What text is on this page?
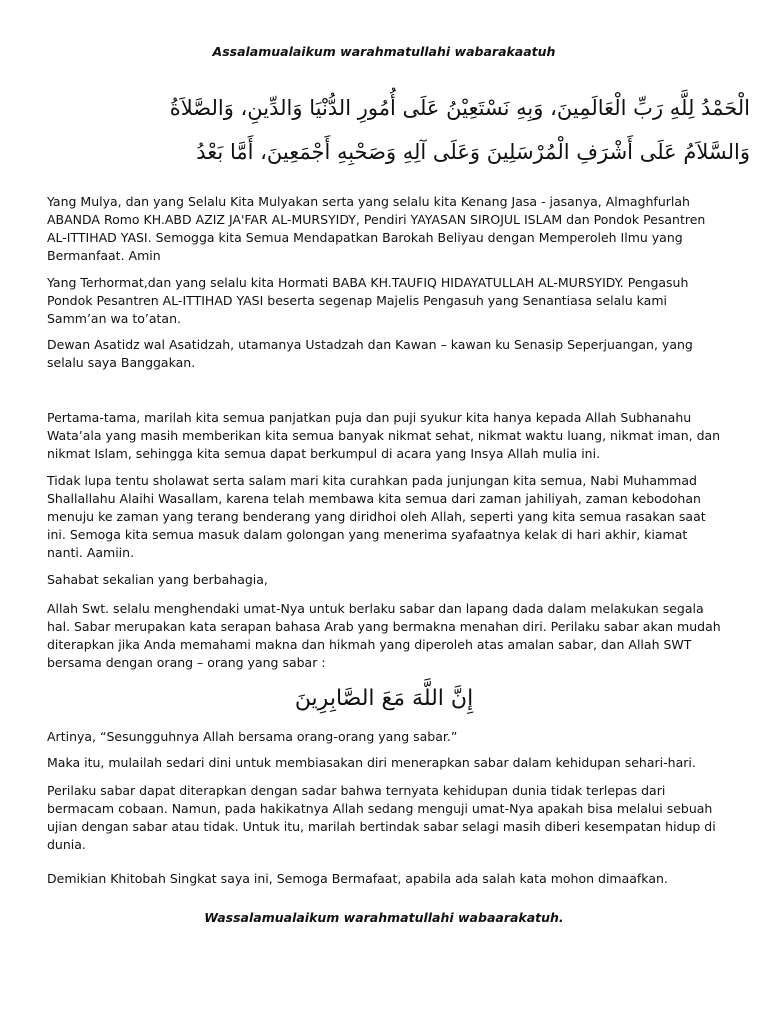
Assalamualaikum warahmatullahi wabarakaatuh
الْحَمْدُ لِلَّهِ رَبِّ الْعَالَمِينَ، وَبِهِ نَسْتَعِيْنُ عَلَى أُمُورِ الدُّنْيَا وَالدِّينِ، وَالصَّلاَةُ
وَالسَّلاَمُ عَلَى أَشْرَفِ الْمُرْسَلِينَ وَعَلَى آلِهِ وَصَحْبِهِ أَجْمَعِينَ، أَمَّا بَعْدُ

Yang Mulya, dan yang Selalu Kita Mulyakan serta yang selalu kita Kenang Jasa - jasanya, Almaghfurlah ABANDA Romo KH.ABD AZIZ JA'FAR AL-MURSYIDY, Pendiri YAYASAN SIROJUL ISLAM dan Pondok Pesantren AL-ITTIHAD YASI. Semogga kita Semua Mendapatkan Barokah Beliyau dengan Memperoleh Ilmu yang Bermanfaat. Amin

Yang Terhormat,dan yang selalu kita Hormati BABA KH.TAUFIQ HIDAYATULLAH AL-MURSYIDY. Pengasuh Pondok Pesantren AL-ITTIHAD YASI beserta segenap Majelis Pengasuh yang Senantiasa selalu kami Samm’an wa to’atan.

Dewan Asatidz wal Asatidzah, utamanya Ustadzah dan Kawan – kawan ku Senasip Seperjuangan, yang selalu saya Banggakan.

Pertama-tama, marilah kita semua panjatkan puja dan puji syukur kita hanya kepada Allah Subhanahu Wata’ala yang masih memberikan kita semua banyak nikmat sehat, nikmat waktu luang, nikmat iman, dan nikmat Islam, sehingga kita semua dapat berkumpul di acara yang Insya Allah mulia ini.

Tidak lupa tentu sholawat serta salam mari kita curahkan pada junjungan kita semua, Nabi Muhammad Shallallahu Alaihi Wasallam, karena telah membawa kita semua dari zaman jahiliyah, zaman kebodohan menuju ke zaman yang terang benderang yang diridhoi oleh Allah, seperti yang kita semua rasakan saat ini. Semoga kita semua masuk dalam golongan yang menerima syafaatnya kelak di hari akhir, kiamat nanti. Aamiin.

Sahabat sekalian yang berbahagia,

Allah Swt. selalu menghendaki umat-Nya untuk berlaku sabar dan lapang dada dalam melakukan segala hal. Sabar merupakan kata serapan bahasa Arab yang bermakna menahan diri. Perilaku sabar akan mudah diterapkan jika Anda memahami makna dan hikmah yang diperoleh atas amalan sabar, dan Allah SWT bersama dengan orang – orang yang sabar :

إِنَّ اللَّهَ مَعَ الصَّابِرِينَ

Artinya, “Sesungguhnya Allah bersama orang-orang yang sabar.”

Maka itu, mulailah sedari dini untuk membiasakan diri menerapkan sabar dalam kehidupan sehari-hari.

Perilaku sabar dapat diterapkan dengan sadar bahwa ternyata kehidupan dunia tidak terlepas dari bermacam cobaan. Namun, pada hakikatnya Allah sedang menguji umat-Nya apakah bisa melalui sebuah ujian dengan sabar atau tidak. Untuk itu, marilah bertindak sabar selagi masih diberi kesempatan hidup di dunia.

Demikian Khitobah Singkat saya ini, Semoga Bermafaat, apabila ada salah kata mohon dimaafkan.

Wassalamualaikum warahmatullahi wabaarakatuh.
